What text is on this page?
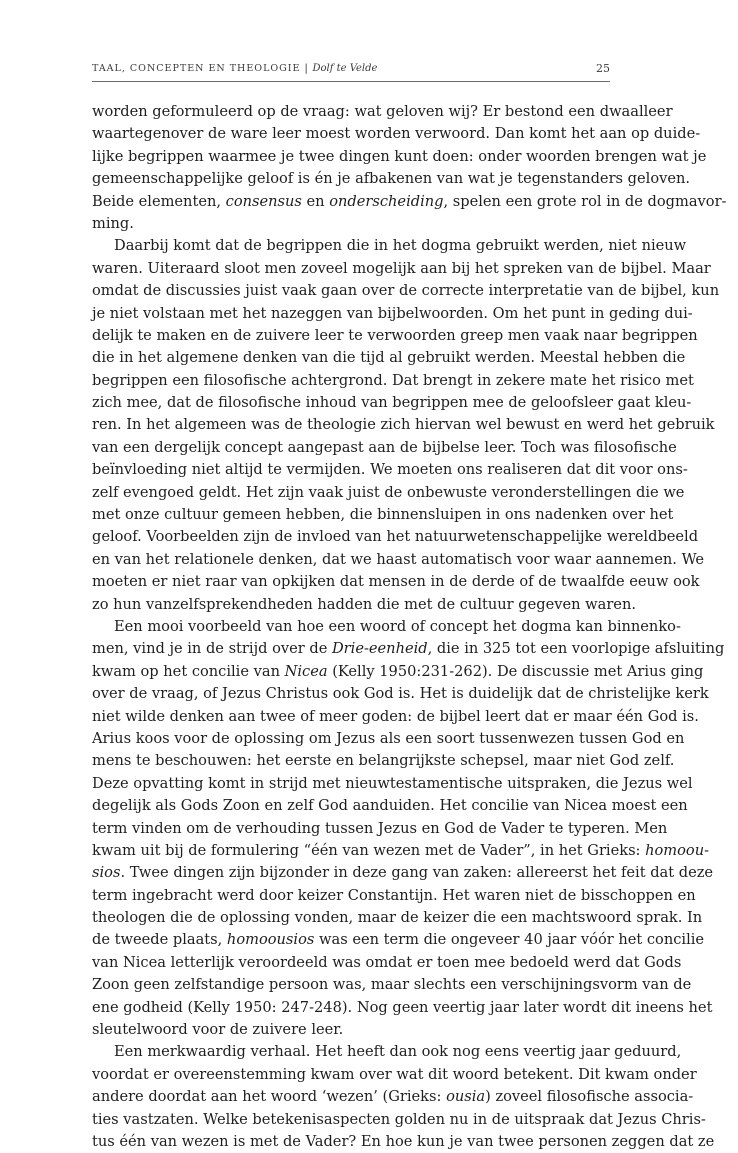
TAAL, CONCEPTEN EN THEOLOGIE | Dolf te Velde	25
worden geformuleerd op de vraag: wat geloven wij? Er bestond een dwaalleer
waartegenover de ware leer moest worden verwoord. Dan komt het aan op duide-
lijke begrippen waarmee je twee dingen kunt doen: onder woorden brengen wat je
gemeenschappelijke geloof is én je afbakenen van wat je tegenstanders geloven.
Beide elementen, consensus en onderscheiding, spelen een grote rol in de dogmavor-
ming.
Daarbij komt dat de begrippen die in het dogma gebruikt werden, niet nieuw
waren. Uiteraard sloot men zoveel mogelijk aan bij het spreken van de bijbel. Maar
omdat de discussies juist vaak gaan over de correcte interpretatie van de bijbel, kun
je niet volstaan met het nazeggen van bijbelwoorden. Om het punt in geding dui-
delijk te maken en de zuivere leer te verwoorden greep men vaak naar begrippen
die in het algemene denken van die tijd al gebruikt werden. Meestal hebben die
begrippen een filosofische achtergrond. Dat brengt in zekere mate het risico met
zich mee, dat de filosofische inhoud van begrippen mee de geloofsleer gaat kleu-
ren. In het algemeen was de theologie zich hiervan wel bewust en werd het gebruik
van een dergelijk concept aangepast aan de bijbelse leer. Toch was filosofische
beïnvloeding niet altijd te vermijden. We moeten ons realiseren dat dit voor ons-
zelf evengoed geldt. Het zijn vaak juist de onbewuste veronderstellingen die we
met onze cultuur gemeen hebben, die binnensluipen in ons nadenken over het
geloof. Voorbeelden zijn de invloed van het natuurwetenschappelijke wereldbeeld
en van het relationele denken, dat we haast automatisch voor waar aannemen. We
moeten er niet raar van opkijken dat mensen in de derde of de twaalfde eeuw ook
zo hun vanzelfsprekendheden hadden die met de cultuur gegeven waren.
Een mooi voorbeeld van hoe een woord of concept het dogma kan binnenko-
men, vind je in de strijd over de Drie-eenheid, die in 325 tot een voorlopige afsluiting
kwam op het concilie van Nicea (Kelly 1950:231-262). De discussie met Arius ging
over de vraag, of Jezus Christus ook God is. Het is duidelijk dat de christelijke kerk
niet wilde denken aan twee of meer goden: de bijbel leert dat er maar één God is.
Arius koos voor de oplossing om Jezus als een soort tussenwezen tussen God en
mens te beschouwen: het eerste en belangrijkste schepsel, maar niet God zelf.
Deze opvatting komt in strijd met nieuwtestamentische uitspraken, die Jezus wel
degelijk als Gods Zoon en zelf God aanduiden. Het concilie van Nicea moest een
term vinden om de verhouding tussen Jezus en God de Vader te typeren. Men
kwam uit bij de formulering “één van wezen met de Vader”, in het Grieks: homoou-
sios. Twee dingen zijn bijzonder in deze gang van zaken: allereerst het feit dat deze
term ingebracht werd door keizer Constantijn. Het waren niet de bisschoppen en
theologen die de oplossing vonden, maar de keizer die een machtswoord sprak. In
de tweede plaats, homoousios was een term die ongeveer 40 jaar vóór het concilie
van Nicea letterlijk veroordeeld was omdat er toen mee bedoeld werd dat Gods
Zoon geen zelfstandige persoon was, maar slechts een verschijningsvorm van de
ene godheid (Kelly 1950: 247-248). Nog geen veertig jaar later wordt dit ineens het
sleutelwoord voor de zuivere leer.
Een merkwaardig verhaal. Het heeft dan ook nog eens veertig jaar geduurd,
voordat er overeenstemming kwam over wat dit woord betekent. Dit kwam onder
andere doordat aan het woord ‘wezen’ (Grieks: ousia) zoveel filosofische associa-
ties vastzaten. Welke betekenisaspecten golden nu in de uitspraak dat Jezus Chris-
tus één van wezen is met de Vader? En hoe kun je van twee personen zeggen dat ze
